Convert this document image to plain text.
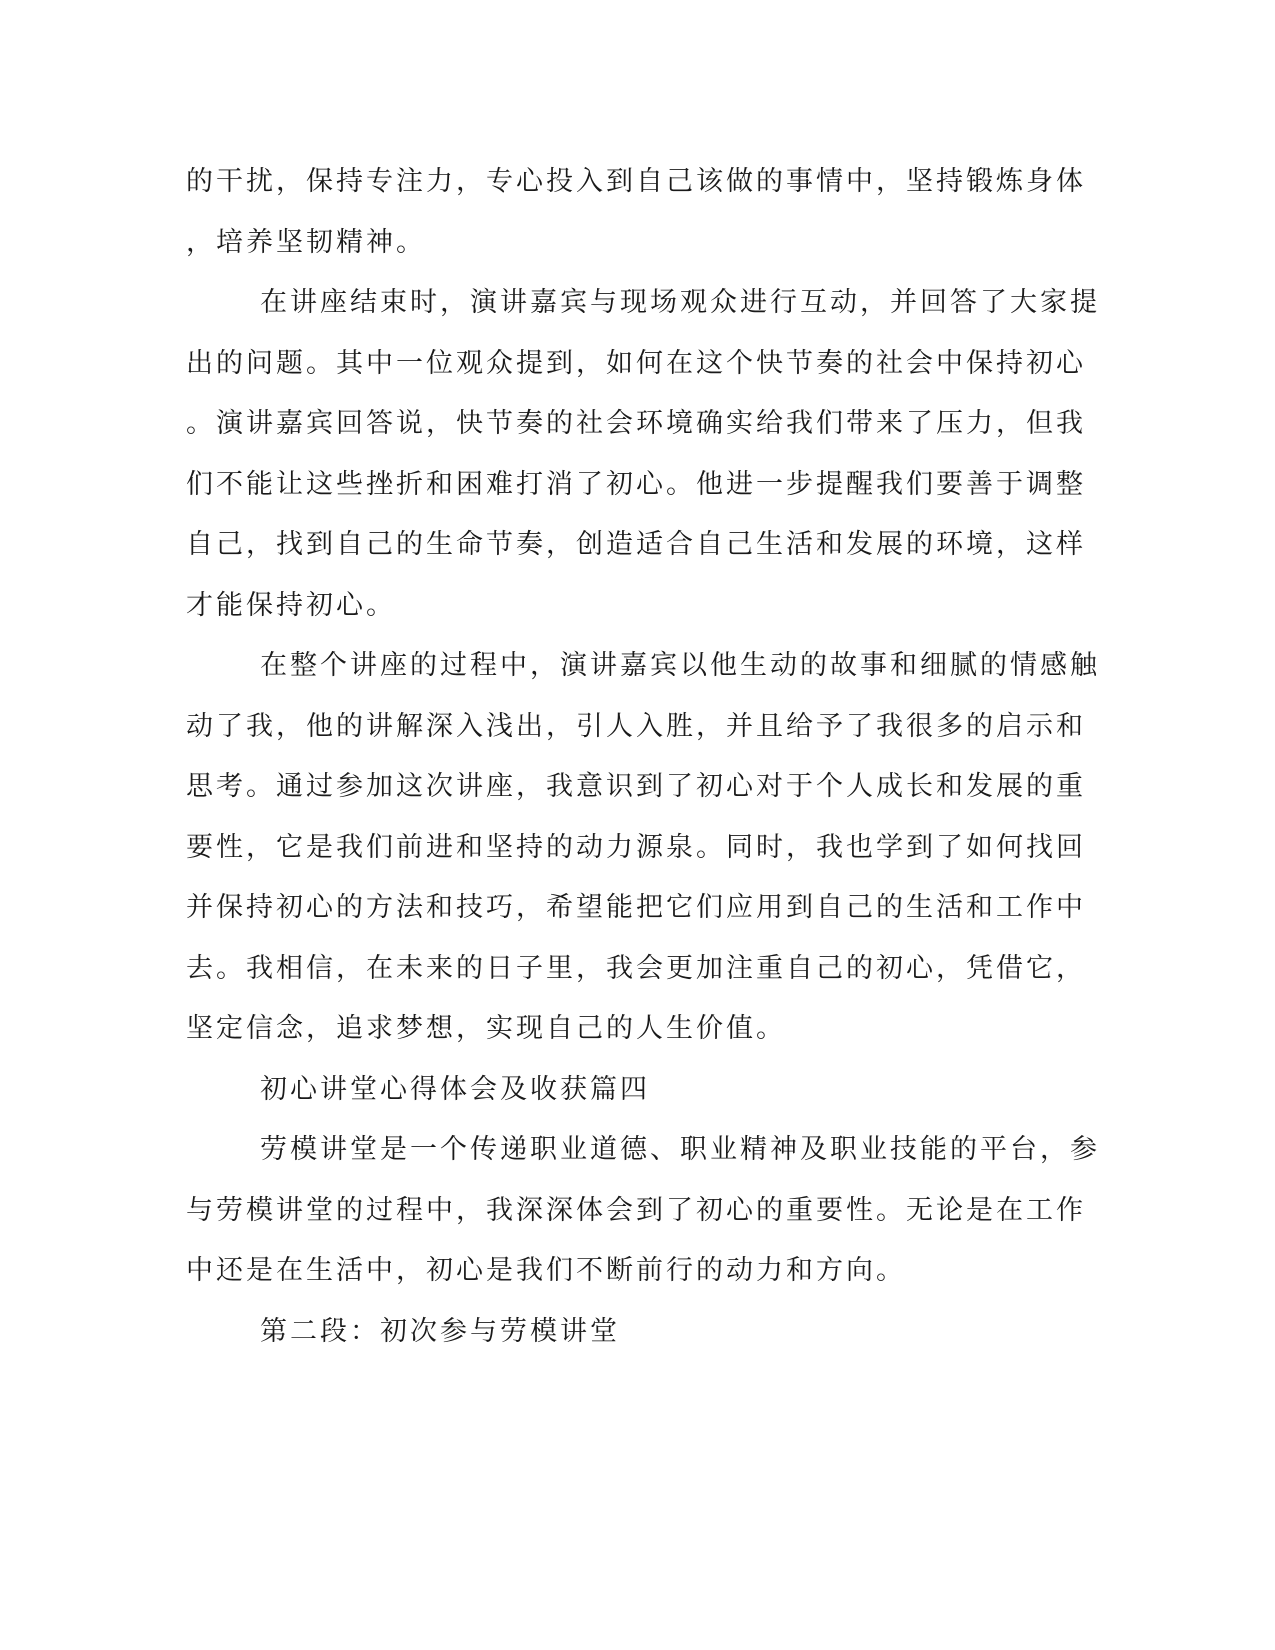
的干扰，保持专注力，专心投入到自己该做的事情中，坚持锻炼身体
，培养坚韧精神。
在讲座结束时，演讲嘉宾与现场观众进行互动，并回答了大家提
出的问题。其中一位观众提到，如何在这个快节奏的社会中保持初心
。演讲嘉宾回答说，快节奏的社会环境确实给我们带来了压力，但我
们不能让这些挫折和困难打消了初心。他进一步提醒我们要善于调整
自己，找到自己的生命节奏，创造适合自己生活和发展的环境，这样
才能保持初心。
在整个讲座的过程中，演讲嘉宾以他生动的故事和细腻的情感触
动了我，他的讲解深入浅出，引人入胜，并且给予了我很多的启示和
思考。通过参加这次讲座，我意识到了初心对于个人成长和发展的重
要性，它是我们前进和坚持的动力源泉。同时，我也学到了如何找回
并保持初心的方法和技巧，希望能把它们应用到自己的生活和工作中
去。我相信，在未来的日子里，我会更加注重自己的初心，凭借它，
坚定信念，追求梦想，实现自己的人生价值。
初心讲堂心得体会及收获篇四
劳模讲堂是一个传递职业道德、职业精神及职业技能的平台，参
与劳模讲堂的过程中，我深深体会到了初心的重要性。无论是在工作
中还是在生活中，初心是我们不断前行的动力和方向。
第二段：初次参与劳模讲堂
